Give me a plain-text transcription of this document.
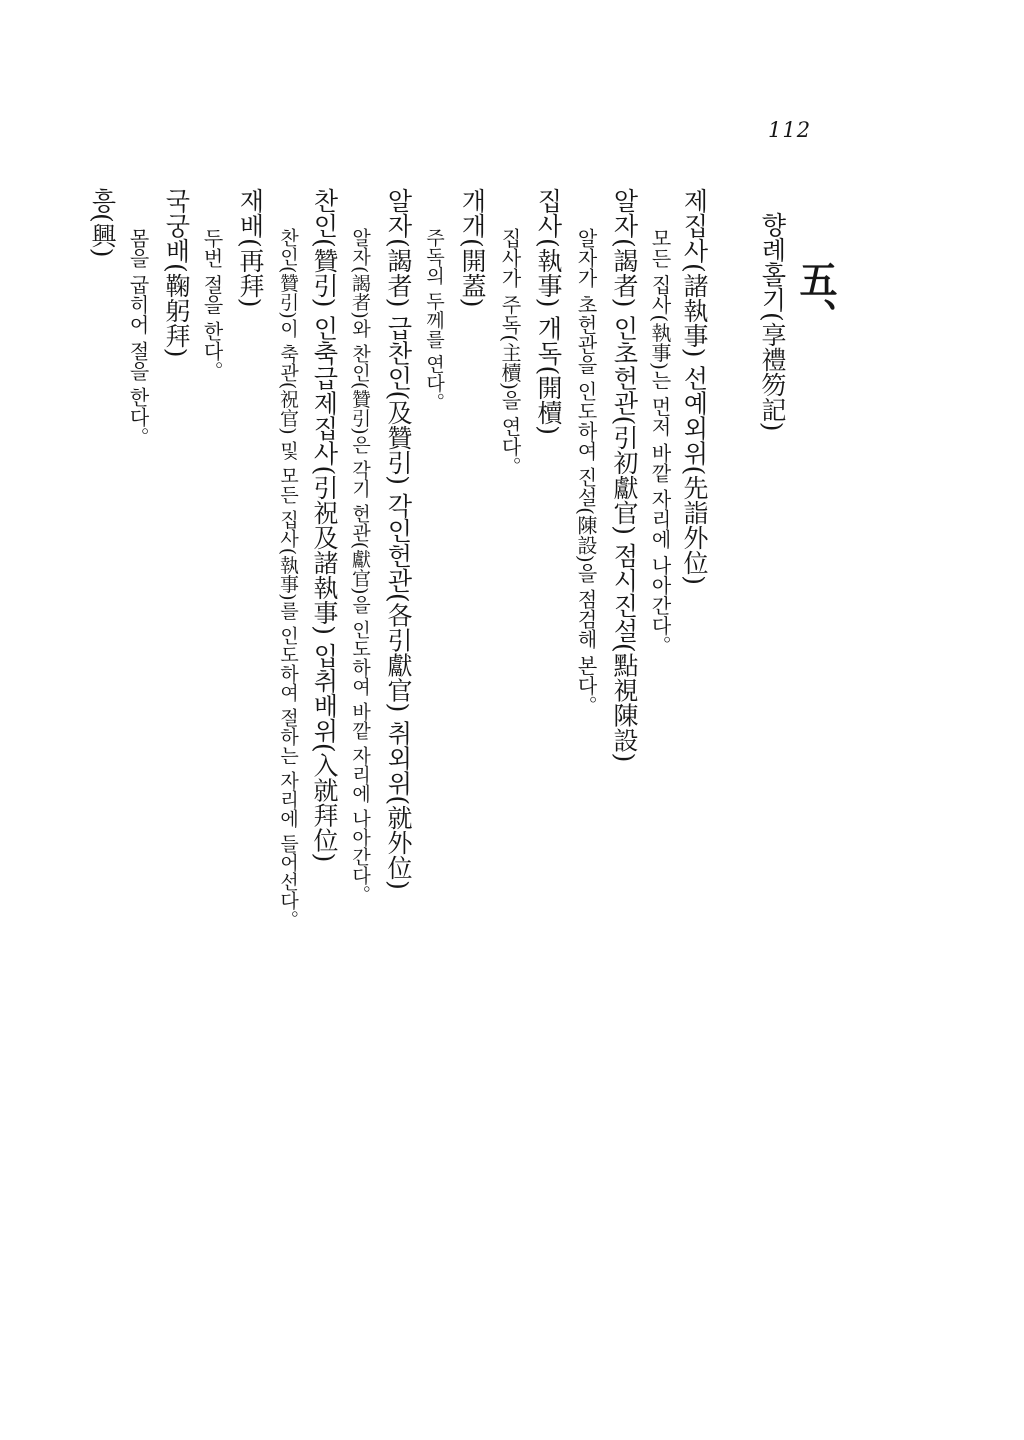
112
五、
향례홀기(享禮笏記)
제집사(諸執事) 선예외위(先詣外位)
모든 집사(執事)는 먼저 바깥 자리에 나아간다。
알자(謁者) 인초헌관(引初獻官) 점시진설(點視陳設)
알자가 초헌관을 인도하여 진설(陳設)을 점검해 본다。
집사(執事) 개독(開櫝)
집사가 주독(主櫝)을 연다。
개개(開蓋)
주독의 두께를 연다。
알자(謁者) 급찬인(及贊引) 각인헌관(各引獻官) 취외위(就外位)
알자(謁者)와 찬인(贊引)은 각기 헌관(獻官)을 인도하여 바깥 자리에 나아간다。
찬인(贊引) 인축급제집사(引祝及諸執事) 입취배위(入就拜位)
찬인(贊引)이 축관(祝官) 및 모든 집사(執事)를 인도하여 절하는 자리에 들어선다。
재배(再拜)
두번 절을 한다。
국궁배(鞠躬拜)
몸을 굽히어 절을 한다。
흥(興)
